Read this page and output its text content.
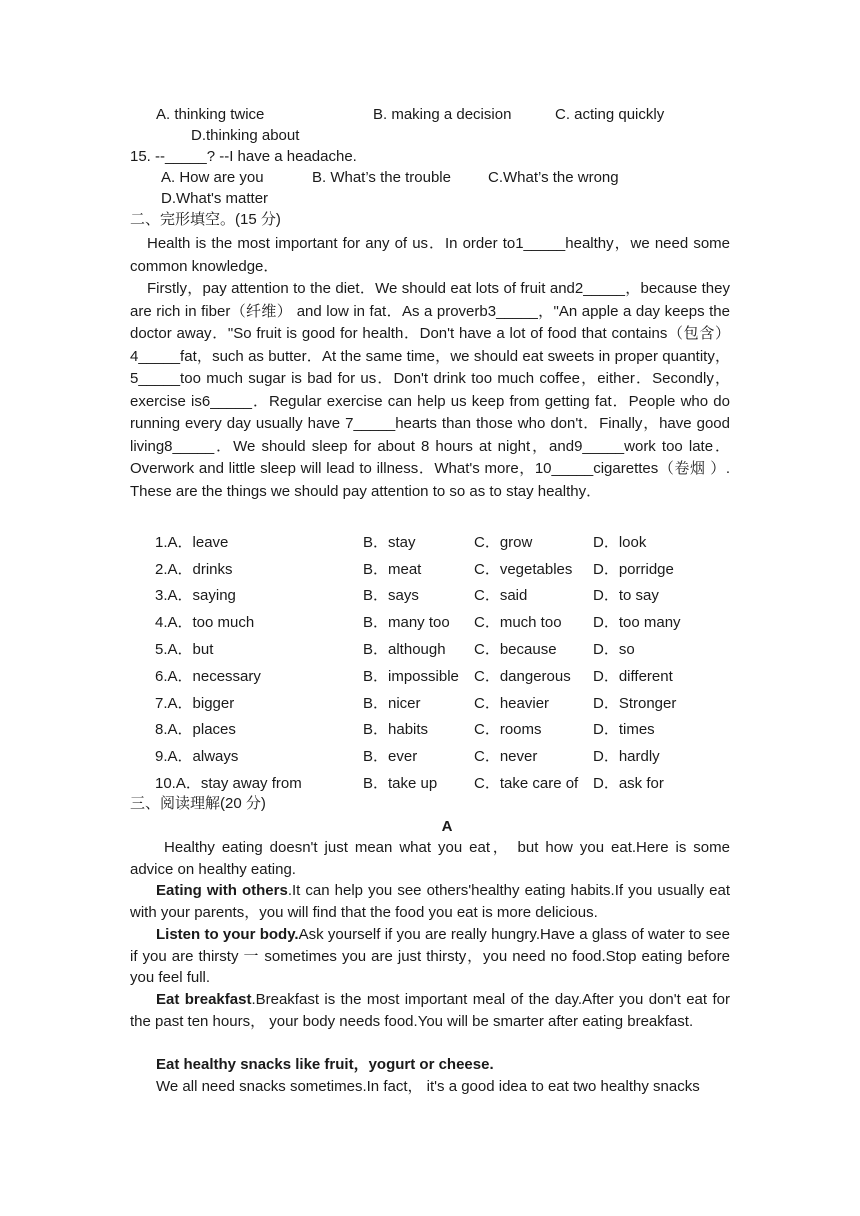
A. thinking twice	B. making a decision	C. acting quickly
D.thinking about
15. --_____? --I have a headache.
A. How are you	B. What’s the trouble C.What’s the wrong
D.What's matter
二、完形填空。(15 分)
Health is the most important for any of us．In order to1_____healthy，we need some common knowledge．
Firstly，pay attention to the diet．We should eat lots of fruit and2_____，because they are rich in fiber（纤维） and low in fat．As a proverb3_____，"An apple a day keeps the doctor away．"So fruit is good for health．Don't have a lot of food that contains（包含） 4_____fat，such as butter．At the same time，we should eat sweets in proper quantity，5_____too much sugar is bad for us．Don't drink too much coffee，either．Secondly，exercise is6_____．Regular exercise can help us keep from getting fat．People who do running every day usually have 7_____hearts than those who don't．Finally，have good living8_____．We should sleep for about 8 hours at night，and9_____work too late．Overwork and little sleep will lead to illness．What's more，10_____cigarettes（卷烟 ）. These are the things we should pay attention to so as to stay healthy．
1.A．leave	B．stay	C．grow	D．look
2.A．drinks	B．meat	C．vegetables	D．porridge
3.A．saying	B．says	C．said	D．to say
4.A．too much	B．many too	C．much too	D．too many
5.A．but	B．although	C．because	D．so
6.A．necessary	B．impossible	C．dangerous	D．different
7.A．bigger	B．nicer	C．heavier	D．Stronger
8.A．places	B．habits	C．rooms	D．times
9.A．always	B．ever	C．never	D．hardly
10.A．stay away from	B．take up	C．take care of	D．ask for
三、阅读理解(20 分)
A
Healthy eating doesn't just mean what you eat， but how you eat.Here is some advice on healthy eating.
Eating with others.It can help you see others'healthy eating habits.If you usually eat with your parents，you will find that the food you eat is more delicious.
Listen to your body.Ask yourself if you are really hungry.Have a glass of water to see if you are thirsty 一 sometimes you are just thirsty，you need no food.Stop eating before you feel full.
Eat breakfast.Breakfast is the most important meal of the day.After you don't eat for the past ten hours， your body needs food.You will be smarter after eating breakfast.
Eat healthy snacks like fruit，yogurt or cheese.
We all need snacks sometimes.In fact， it's a good idea to eat two healthy snacks
